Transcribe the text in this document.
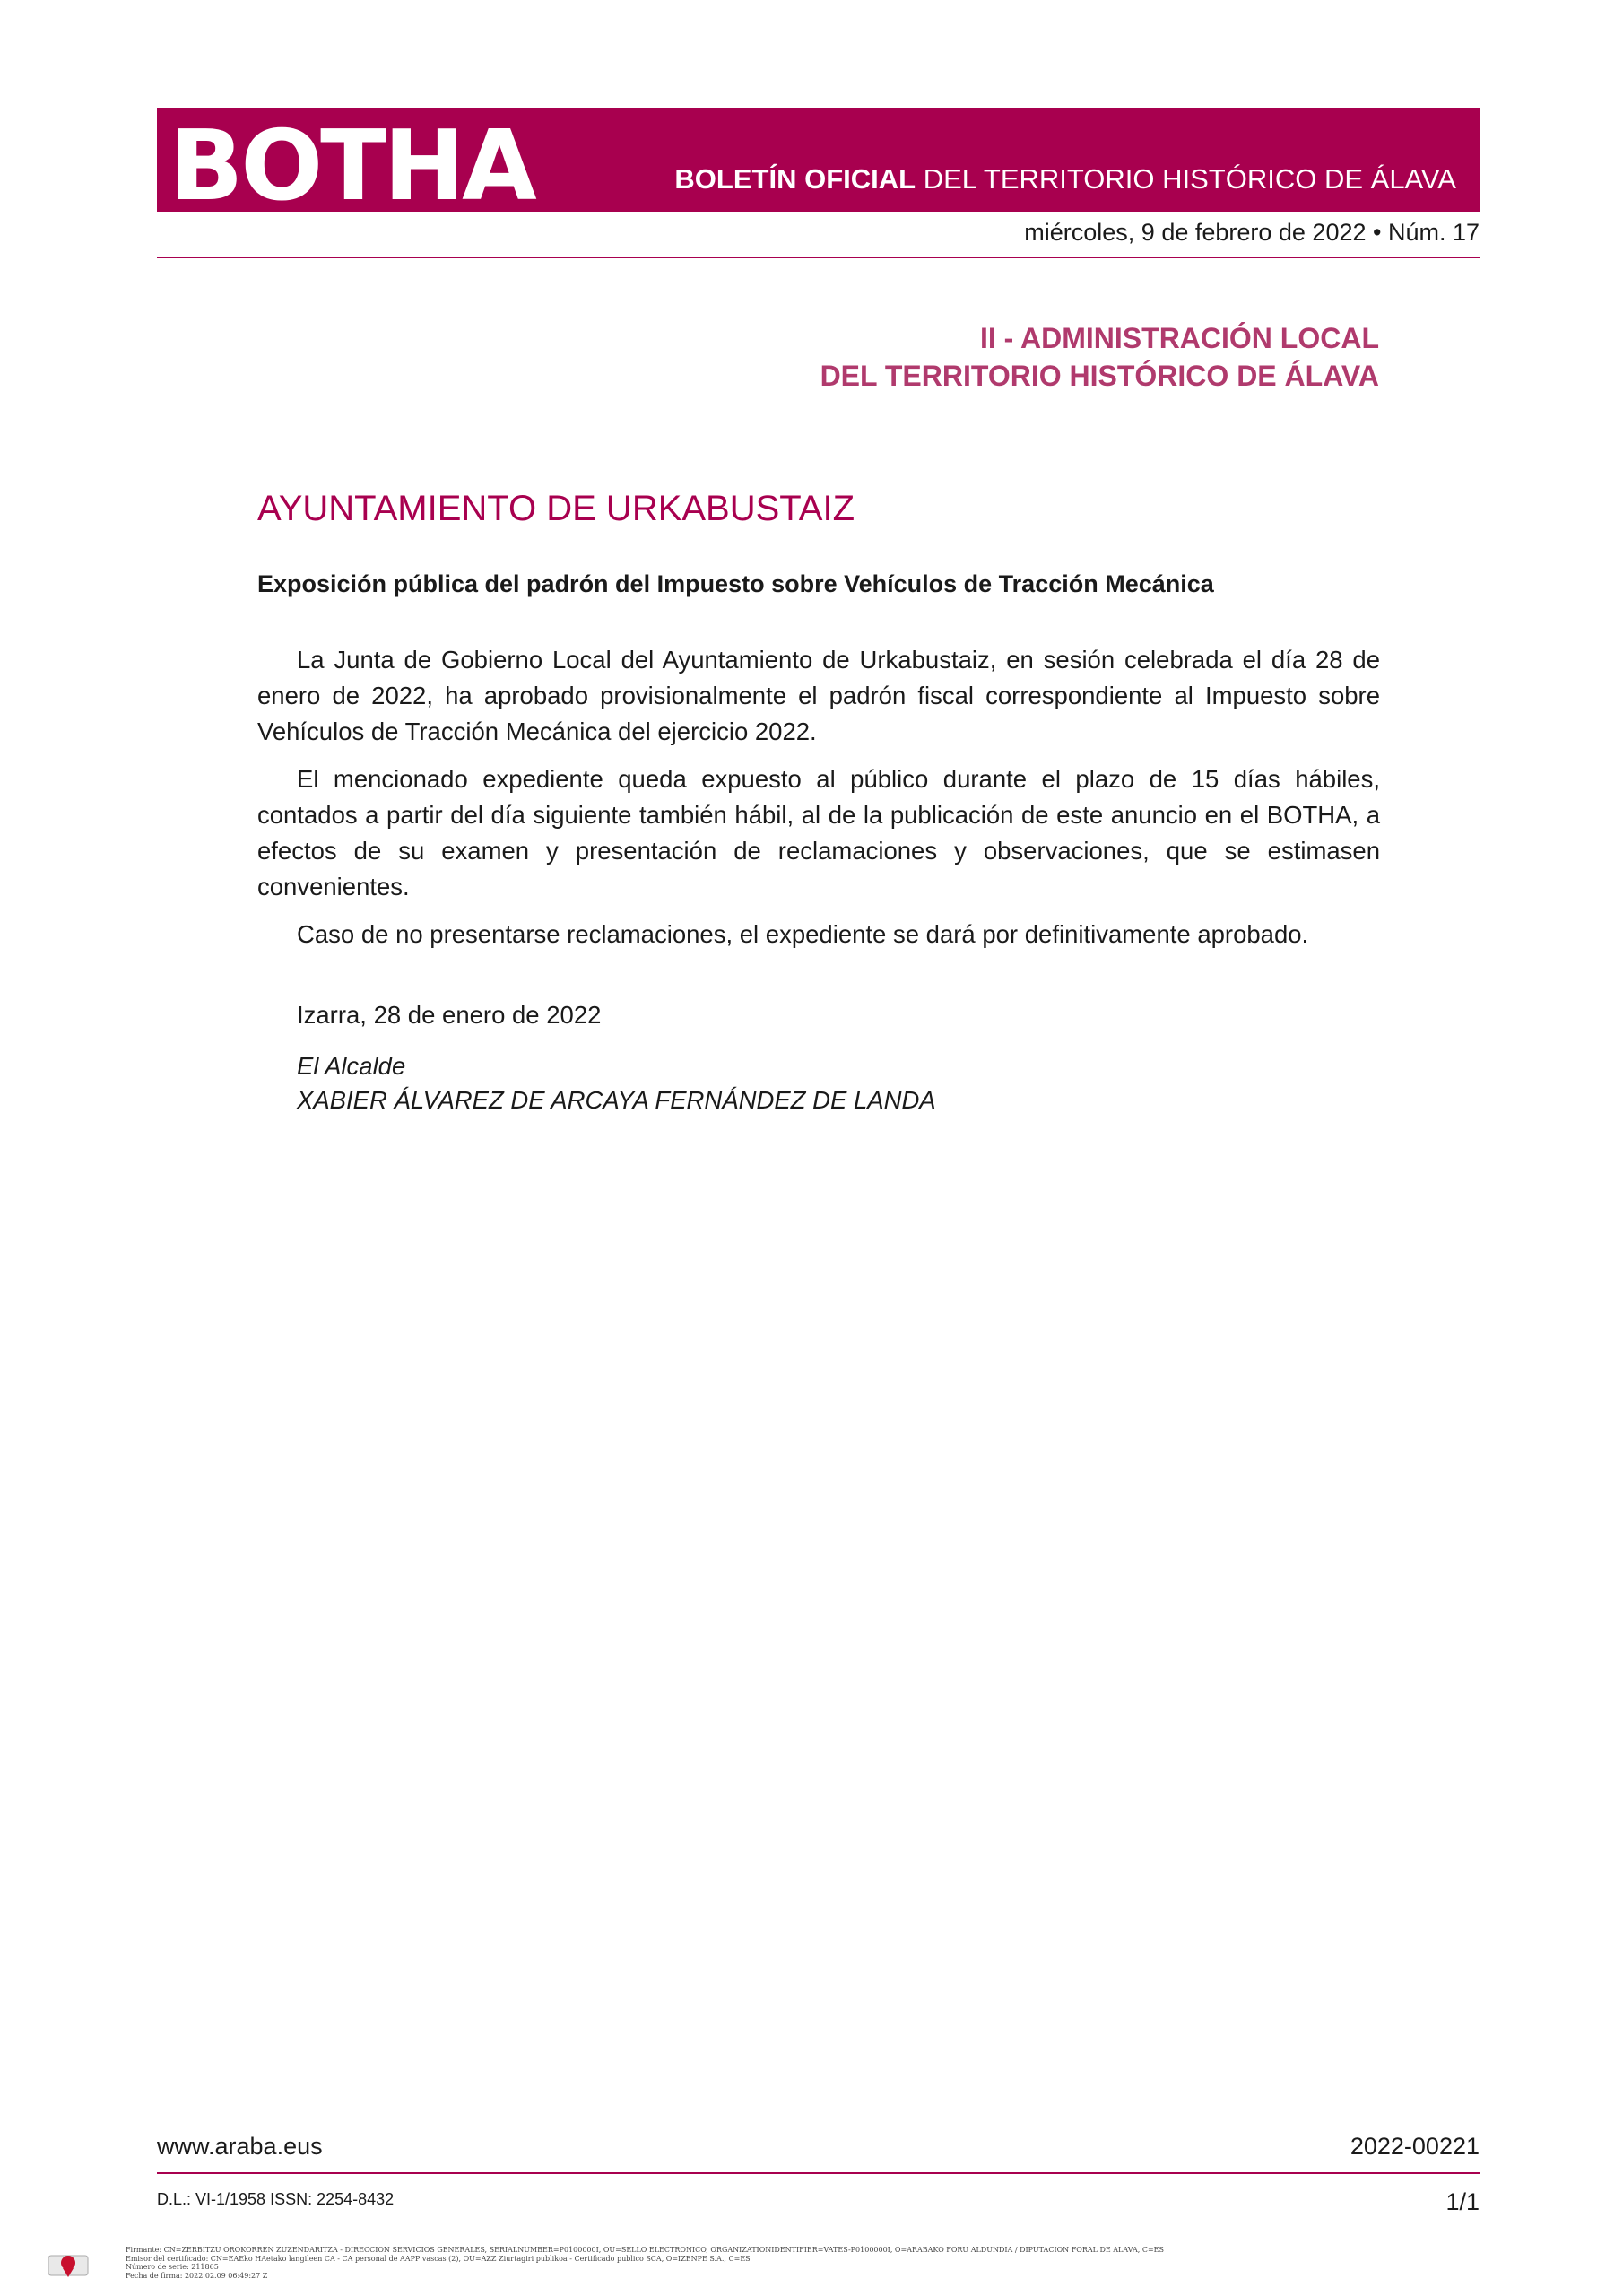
BOTHA	BOLETÍN OFICIAL DEL TERRITORIO HISTÓRICO DE ÁLAVA
miércoles, 9 de febrero de 2022 • Núm. 17
II - ADMINISTRACIÓN LOCAL
DEL TERRITORIO HISTÓRICO DE ÁLAVA
AYUNTAMIENTO DE URKABUSTAIZ
Exposición pública del padrón del Impuesto sobre Vehículos de Tracción Mecánica

La Junta de Gobierno Local del Ayuntamiento de Urkabustaiz, en sesión celebrada el día 28 de enero de 2022, ha aprobado provisionalmente el padrón fiscal correspondiente al Impuesto sobre Vehículos de Tracción Mecánica del ejercicio 2022.

El mencionado expediente queda expuesto al público durante el plazo de 15 días hábiles, contados a partir del día siguiente también hábil, al de la publicación de este anuncio en el BOTHA, a efectos de su examen y presentación de reclamaciones y observaciones, que se estimasen convenientes.

Caso de no presentarse reclamaciones, el expediente se dará por definitivamente aprobado.

Izarra, 28 de enero de 2022
El Alcalde
XABIER ÁLVAREZ DE ARCAYA FERNÁNDEZ DE LANDA
www.araba.eus	2022-00221
D.L.: VI-1/1958 ISSN: 2254-8432	1/1
Firmante: CN=ZERBITZU OROKORREN ZUZENDARITZA - DIRECCION SERVICIOS GENERALES, SERIALNUMBER=P0100000I, OU=SELLO ELECTRONICO, ORGANIZATIONIDENTIFIER=VATES-P0100000I, O=ARABAKO FORU ALDUNDIA / DIPUTACION FORAL DE ALAVA, C=ES
Emisor del certificado: CN=EAEko HAetako langileen CA - CA personal de AAPP vascas (2), OU=AZZ Ziurtagiri publikoa - Certificado publico SCA, O=IZENPE S.A., C=ES
Número de serie: 211865
Fecha de firma: 2022.02.09 06:49:27 Z
